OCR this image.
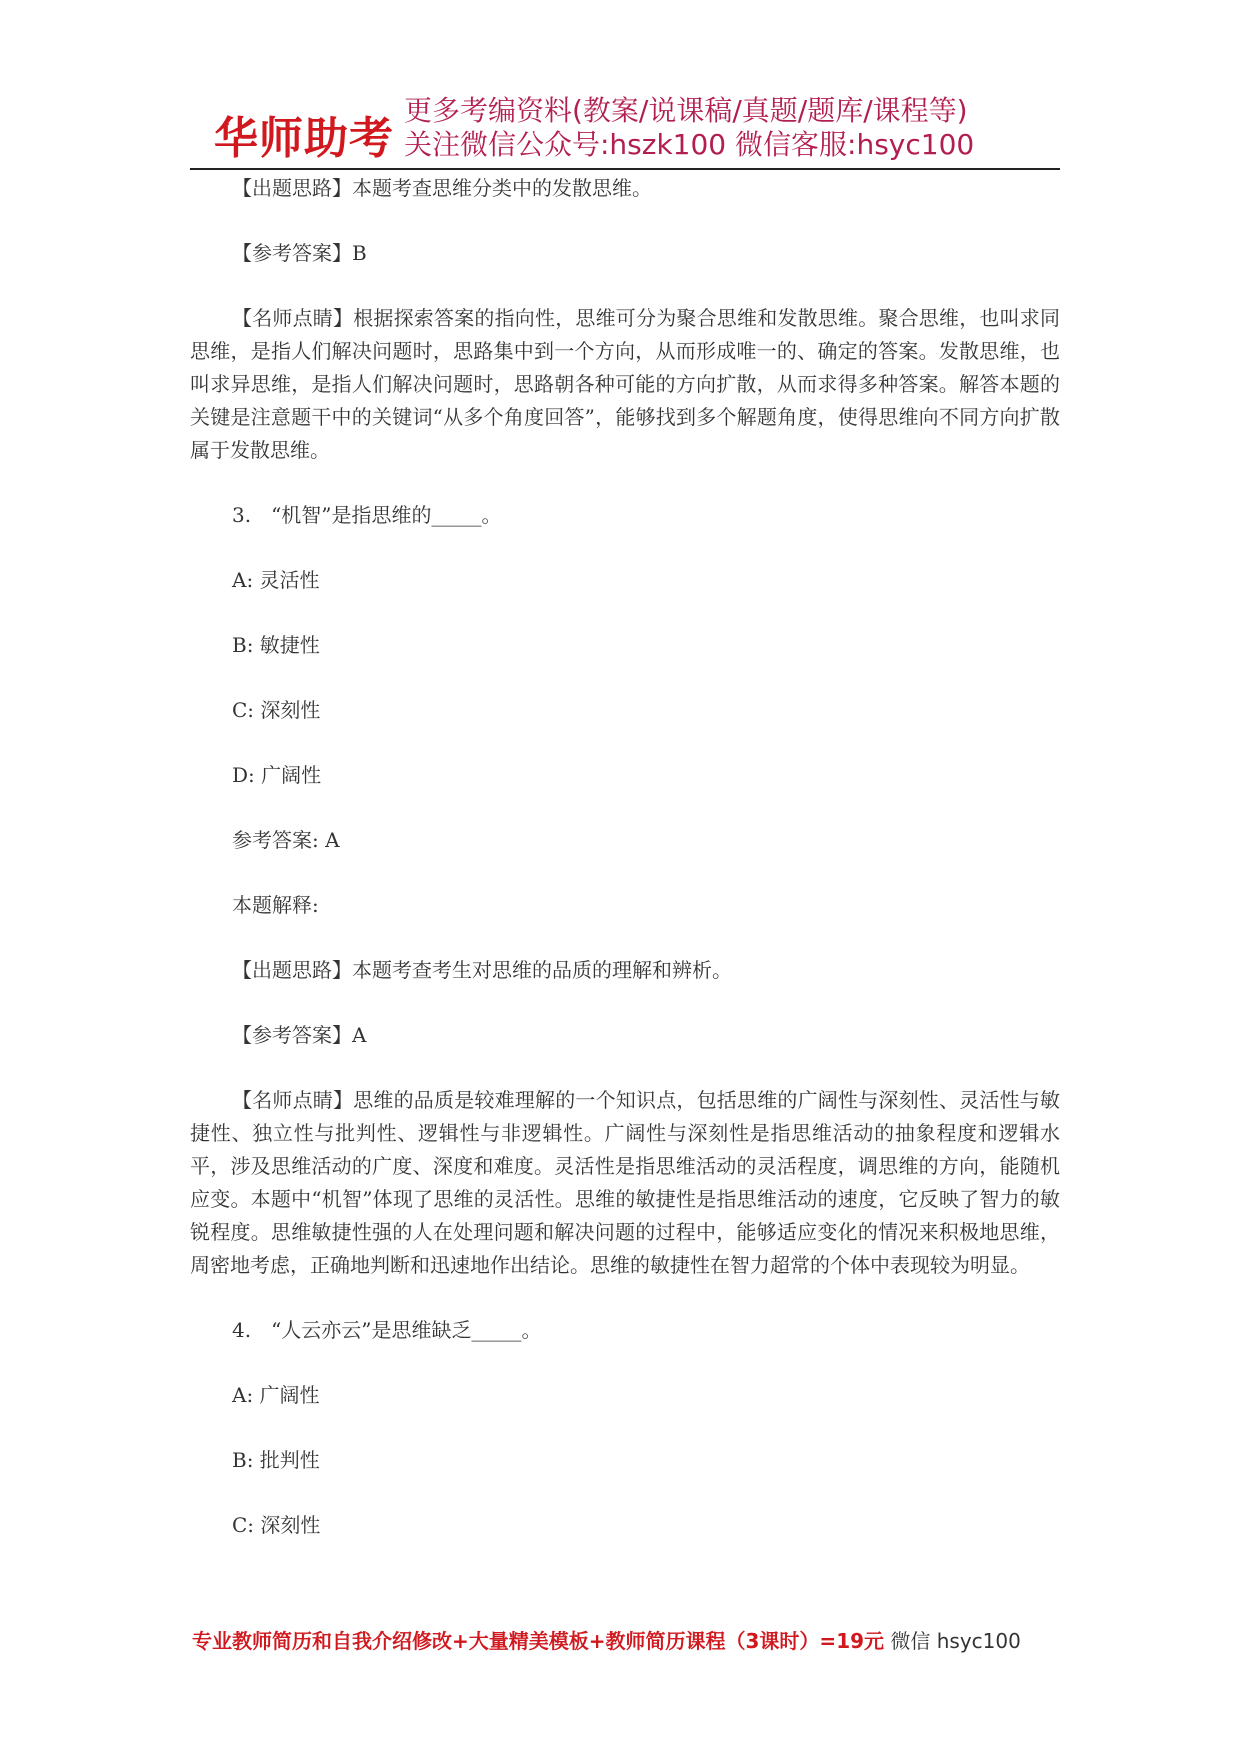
华师助考
更多考编资料(教案/说课稿/真题/题库/课程等)
关注微信公众号:hszk100 微信客服:hsyc100

【出题思路】本题考查思维分类中的发散思维。

【参考答案】B

【名师点睛】根据探索答案的指向性，思维可分为聚合思维和发散思维。聚合思维，也叫求同思维，是指人们解决问题时，思路集中到一个方向，从而形成唯一的、确定的答案。发散思维，也叫求异思维，是指人们解决问题时，思路朝各种可能的方向扩散，从而求得多种答案。解答本题的关键是注意题干中的关键词“从多个角度回答”，能够找到多个解题角度，使得思维向不同方向扩散属于发散思维。

3.　“机智”是指思维的_____。

A: 灵活性

B: 敏捷性

C: 深刻性

D: 广阔性

参考答案: A

本题解释:

【出题思路】本题考查考生对思维的品质的理解和辨析。

【参考答案】A

【名师点睛】思维的品质是较难理解的一个知识点，包括思维的广阔性与深刻性、灵活性与敏捷性、独立性与批判性、逻辑性与非逻辑性。广阔性与深刻性是指思维活动的抽象程度和逻辑水平，涉及思维活动的广度、深度和难度。灵活性是指思维活动的灵活程度，调思维的方向，能随机应变。本题中“机智”体现了思维的灵活性。思维的敏捷性是指思维活动的速度，它反映了智力的敏锐程度。思维敏捷性强的人在处理问题和解决问题的过程中，能够适应变化的情况来积极地思维，周密地考虑，正确地判断和迅速地作出结论。思维的敏捷性在智力超常的个体中表现较为明显。

4.　“人云亦云”是思维缺乏_____。

A: 广阔性

B: 批判性

C: 深刻性

专业教师简历和自我介绍修改+大量精美模板+教师简历课程（3课时）=19元 微信 hsyc100
